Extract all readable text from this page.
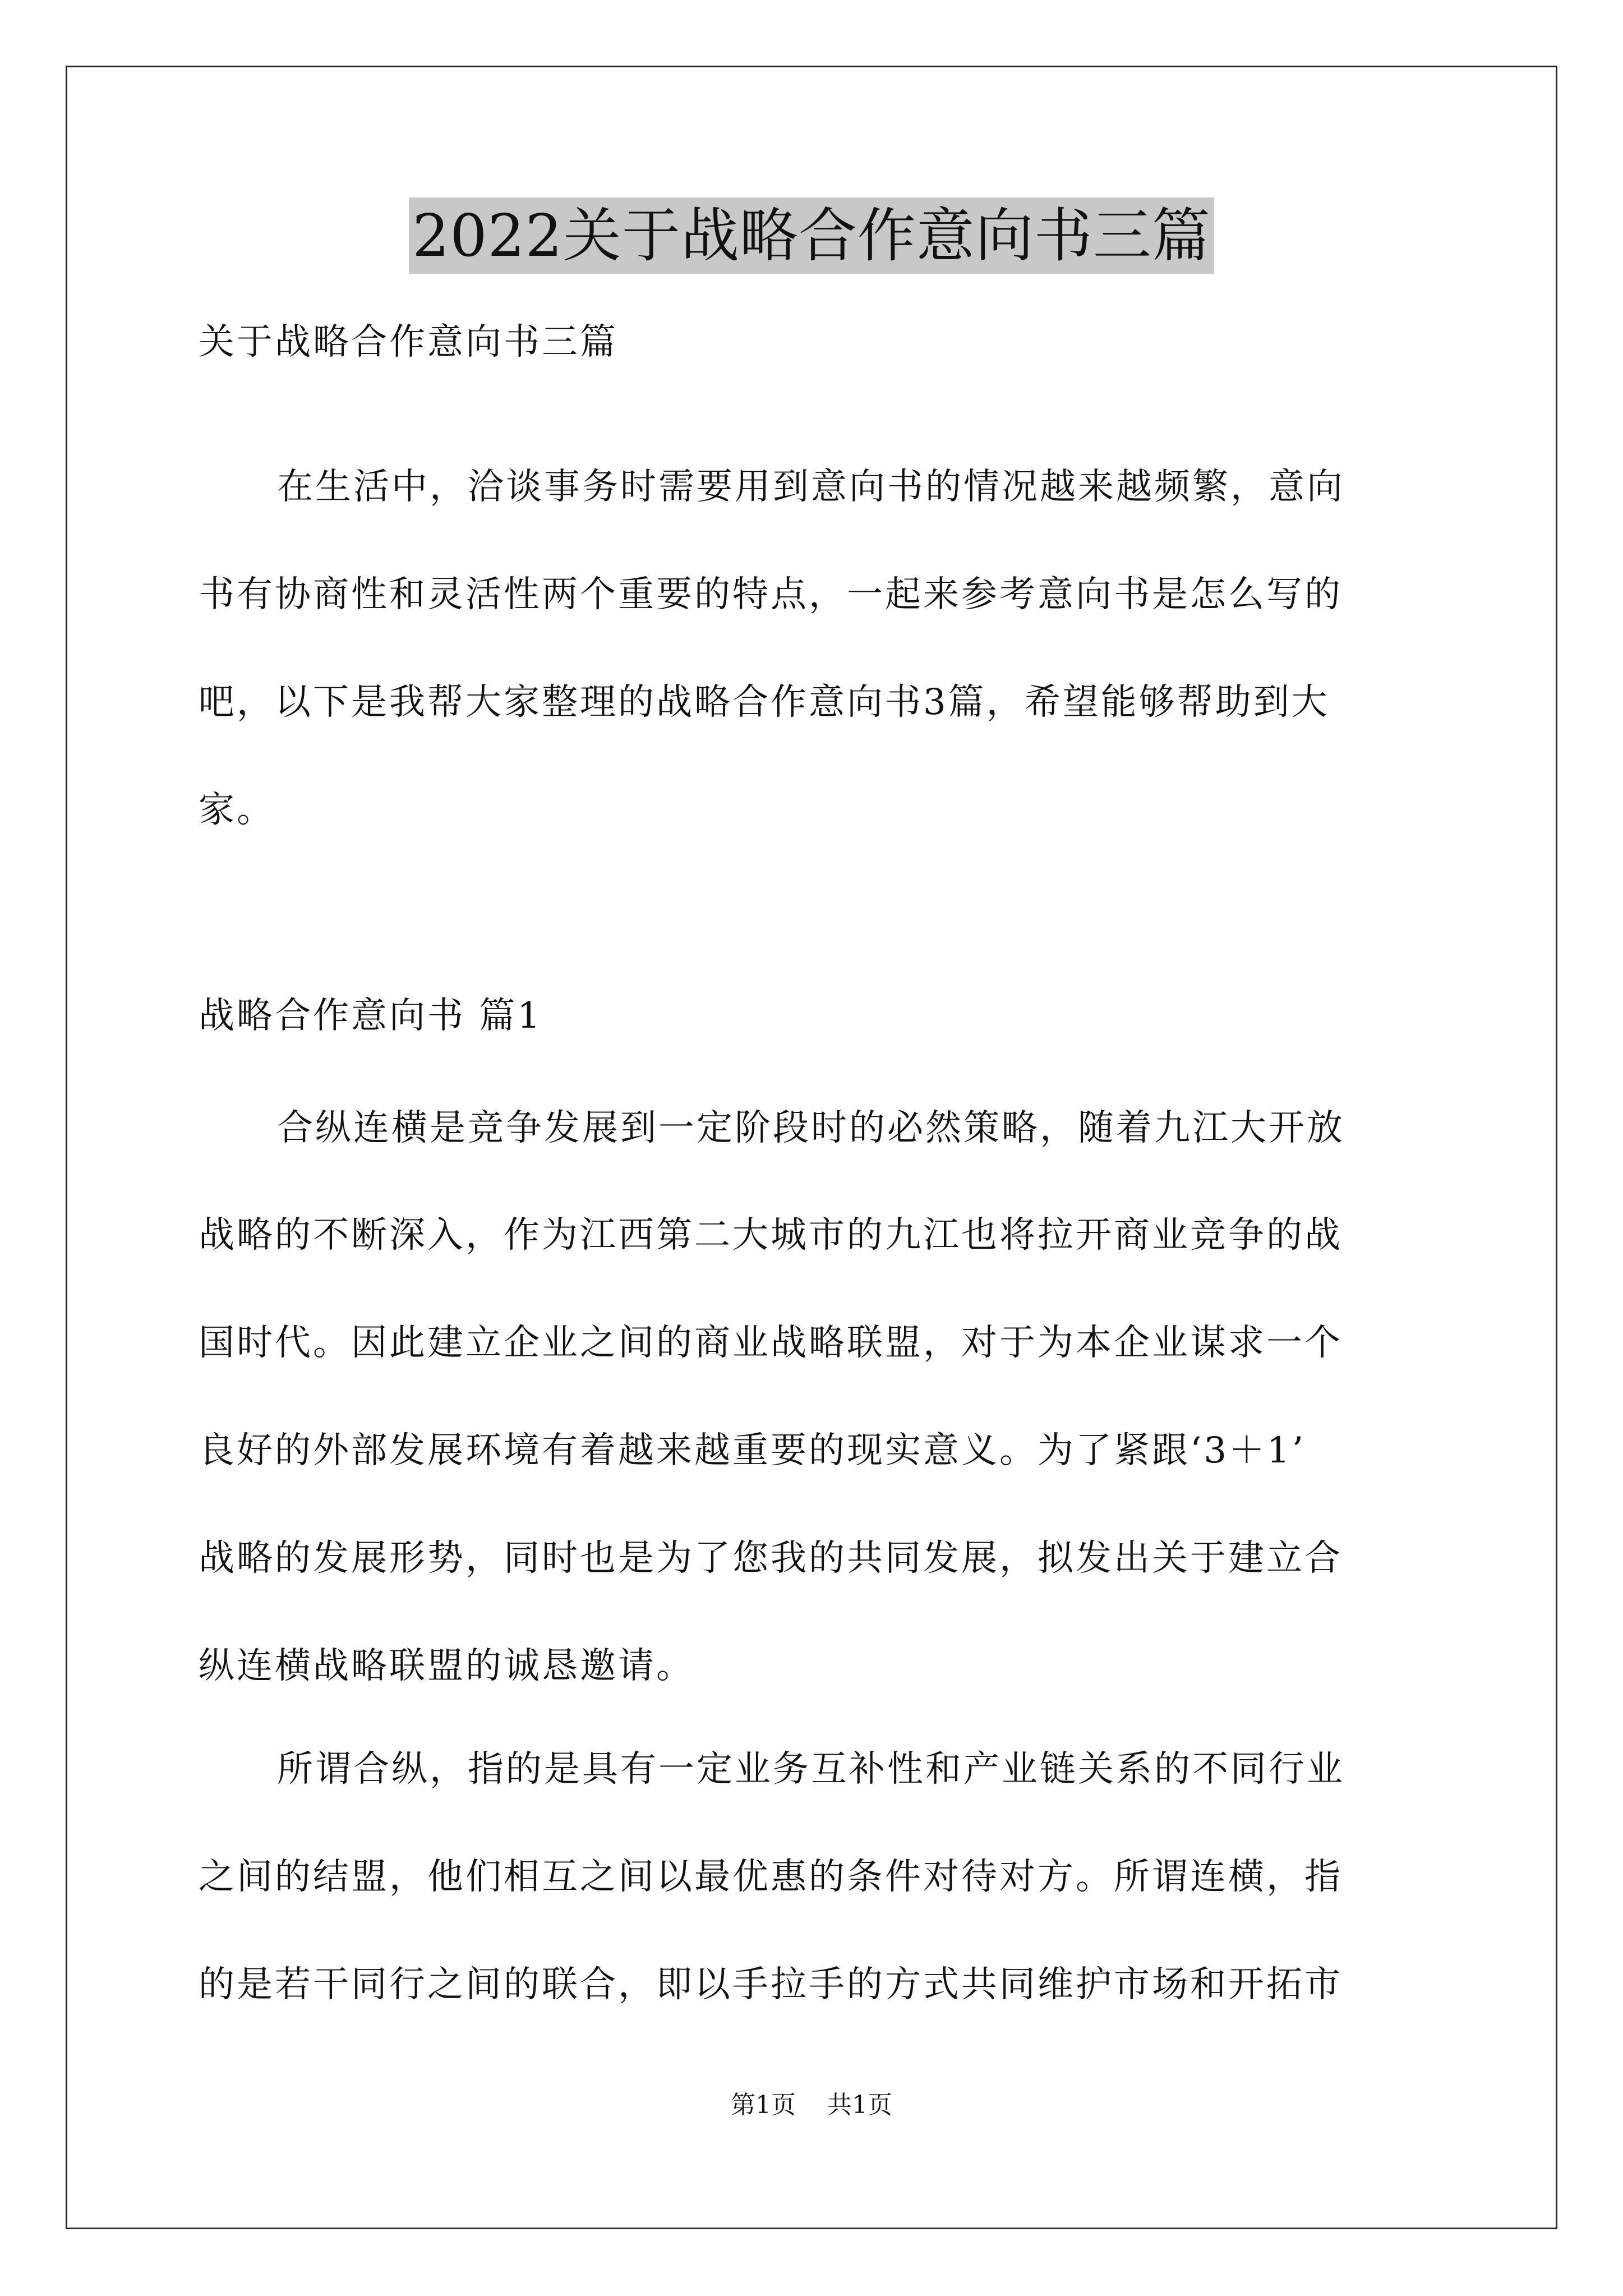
2022关于战略合作意向书三篇
关于战略合作意向书三篇
在生活中，洽谈事务时需要用到意向书的情况越来越频繁，意向
书有协商性和灵活性两个重要的特点，一起来参考意向书是怎么写的
吧，以下是我帮大家整理的战略合作意向书3篇，希望能够帮助到大
家。
战略合作意向书 篇1
合纵连横是竞争发展到一定阶段时的必然策略，随着九江大开放
战略的不断深入，作为江西第二大城市的九江也将拉开商业竞争的战
国时代。因此建立企业之间的商业战略联盟，对于为本企业谋求一个
良好的外部发展环境有着越来越重要的现实意义。为了紧跟‘3＋1’
战略的发展形势，同时也是为了您我的共同发展，拟发出关于建立合
纵连横战略联盟的诚恳邀请。
所谓合纵，指的是具有一定业务互补性和产业链关系的不同行业
之间的结盟，他们相互之间以最优惠的条件对待对方。所谓连横，指
的是若干同行之间的联合，即以手拉手的方式共同维护市场和开拓市
第1页 共1页
